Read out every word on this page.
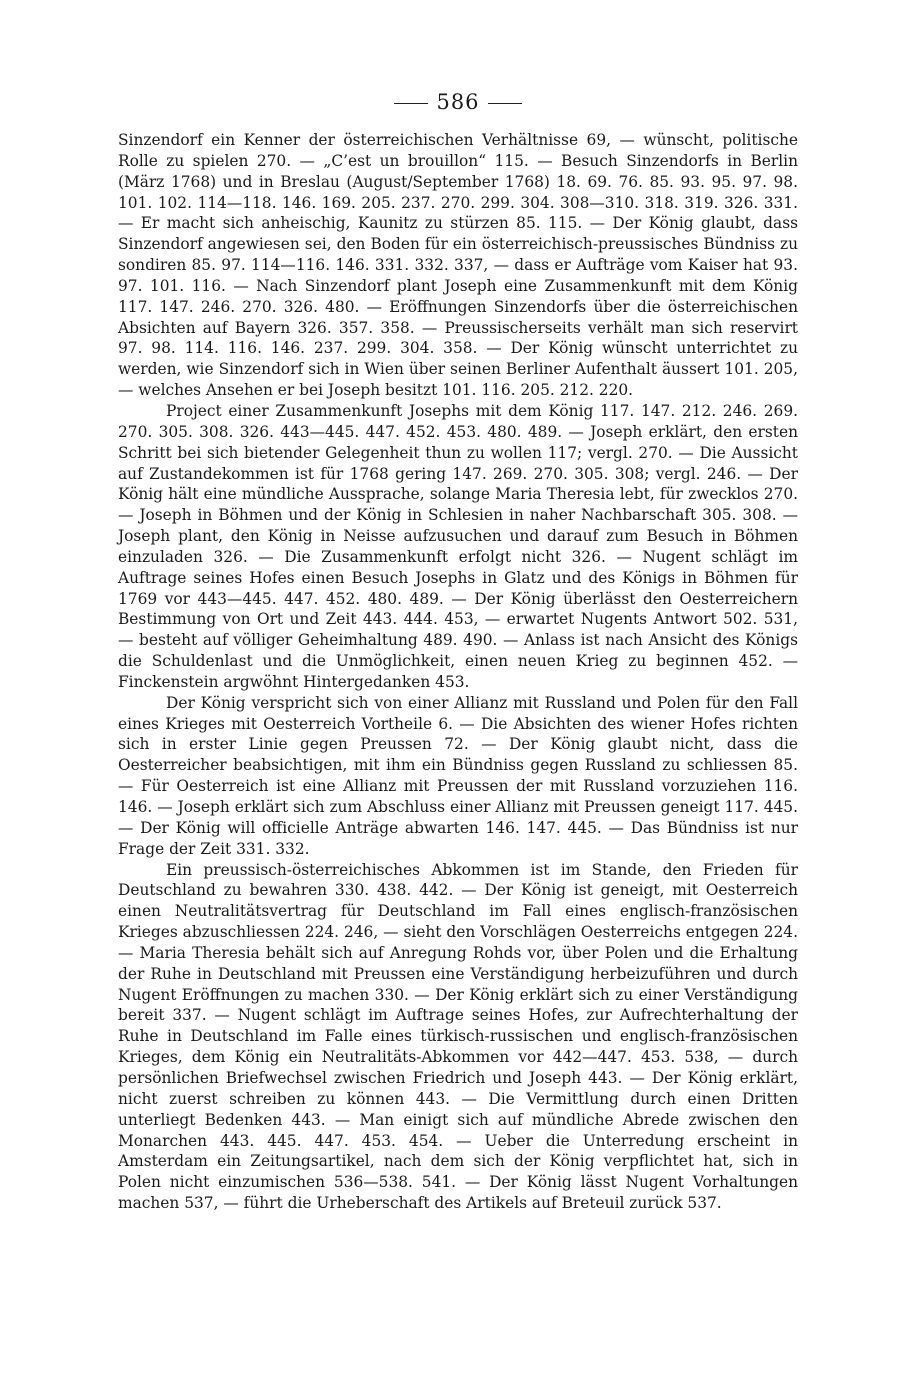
586

Sinzendorf ein Kenner der österreichischen Verhältnisse 69, — wünscht, politische Rolle zu spielen 270. — „C’est un brouillon“ 115. — Besuch Sinzendorfs in Berlin (März 1768) und in Breslau (August/September 1768) 18. 69. 76. 85. 93. 95. 97. 98. 101. 102. 114—118. 146. 169. 205. 237. 270. 299. 304. 308—310. 318. 319. 326. 331. — Er macht sich anheischig, Kaunitz zu stürzen 85. 115. — Der König glaubt, dass Sinzendorf angewiesen sei, den Boden für ein österreichisch-preussisches Bündniss zu sondiren 85. 97. 114—116. 146. 331. 332. 337, — dass er Aufträge vom Kaiser hat 93. 97. 101. 116. — Nach Sinzendorf plant Joseph eine Zusammenkunft mit dem König 117. 147. 246. 270. 326. 480. — Eröffnungen Sinzendorfs über die österreichischen Absichten auf Bayern 326. 357. 358. — Preussischerseits verhält man sich reservirt 97. 98. 114. 116. 146. 237. 299. 304. 358. — Der König wünscht unterrichtet zu werden, wie Sinzendorf sich in Wien über seinen Berliner Aufenthalt äussert 101. 205, — welches Ansehen er bei Joseph besitzt 101. 116. 205. 212. 220.

Project einer Zusammenkunft Josephs mit dem König 117. 147. 212. 246. 269. 270. 305. 308. 326. 443—445. 447. 452. 453. 480. 489. — Joseph erklärt, den ersten Schritt bei sich bietender Gelegenheit thun zu wollen 117; vergl. 270. — Die Aussicht auf Zustandekommen ist für 1768 gering 147. 269. 270. 305. 308; vergl. 246. — Der König hält eine mündliche Aussprache, solange Maria Theresia lebt, für zwecklos 270. — Joseph in Böhmen und der König in Schlesien in naher Nachbarschaft 305. 308. — Joseph plant, den König in Neisse aufzusuchen und darauf zum Besuch in Böhmen einzuladen 326. — Die Zusammenkunft erfolgt nicht 326. — Nugent schlägt im Auftrage seines Hofes einen Besuch Josephs in Glatz und des Königs in Böhmen für 1769 vor 443—445. 447. 452. 480. 489. — Der König überlässt den Oesterreichern Bestimmung von Ort und Zeit 443. 444. 453, — erwartet Nugents Antwort 502. 531, — besteht auf völliger Geheimhaltung 489. 490. — Anlass ist nach Ansicht des Königs die Schuldenlast und die Unmöglichkeit, einen neuen Krieg zu beginnen 452. — Finckenstein argwöhnt Hintergedanken 453.

Der König verspricht sich von einer Allianz mit Russland und Polen für den Fall eines Krieges mit Oesterreich Vortheile 6. — Die Absichten des wiener Hofes richten sich in erster Linie gegen Preussen 72. — Der König glaubt nicht, dass die Oesterreicher beabsichtigen, mit ihm ein Bündniss gegen Russland zu schliessen 85. — Für Oesterreich ist eine Allianz mit Preussen der mit Russland vorzuziehen 116. 146. — Joseph erklärt sich zum Abschluss einer Allianz mit Preussen geneigt 117. 445. — Der König will officielle Anträge abwarten 146. 147. 445. — Das Bündniss ist nur Frage der Zeit 331. 332.

Ein preussisch-österreichisches Abkommen ist im Stande, den Frieden für Deutschland zu bewahren 330. 438. 442. — Der König ist geneigt, mit Oesterreich einen Neutralitätsvertrag für Deutschland im Fall eines englisch-französischen Krieges abzuschliessen 224. 246, — sieht den Vorschlägen Oesterreichs entgegen 224. — Maria Theresia behält sich auf Anregung Rohds vor, über Polen und die Erhaltung der Ruhe in Deutschland mit Preussen eine Verständigung herbeizuführen und durch Nugent Eröffnungen zu machen 330. — Der König erklärt sich zu einer Verständigung bereit 337. — Nugent schlägt im Auftrage seines Hofes, zur Aufrechterhaltung der Ruhe in Deutschland im Falle eines türkisch-russischen und englisch-französischen Krieges, dem König ein Neutralitäts-Abkommen vor 442—447. 453. 538, — durch persönlichen Briefwechsel zwischen Friedrich und Joseph 443. — Der König erklärt, nicht zuerst schreiben zu können 443. — Die Vermittlung durch einen Dritten unterliegt Bedenken 443. — Man einigt sich auf mündliche Abrede zwischen den Monarchen 443. 445. 447. 453. 454. — Ueber die Unterredung erscheint in Amsterdam ein Zeitungsartikel, nach dem sich der König verpflichtet hat, sich in Polen nicht einzumischen 536—538. 541. — Der König lässt Nugent Vorhaltungen machen 537, — führt die Urheberschaft des Artikels auf Breteuil zurück 537.
